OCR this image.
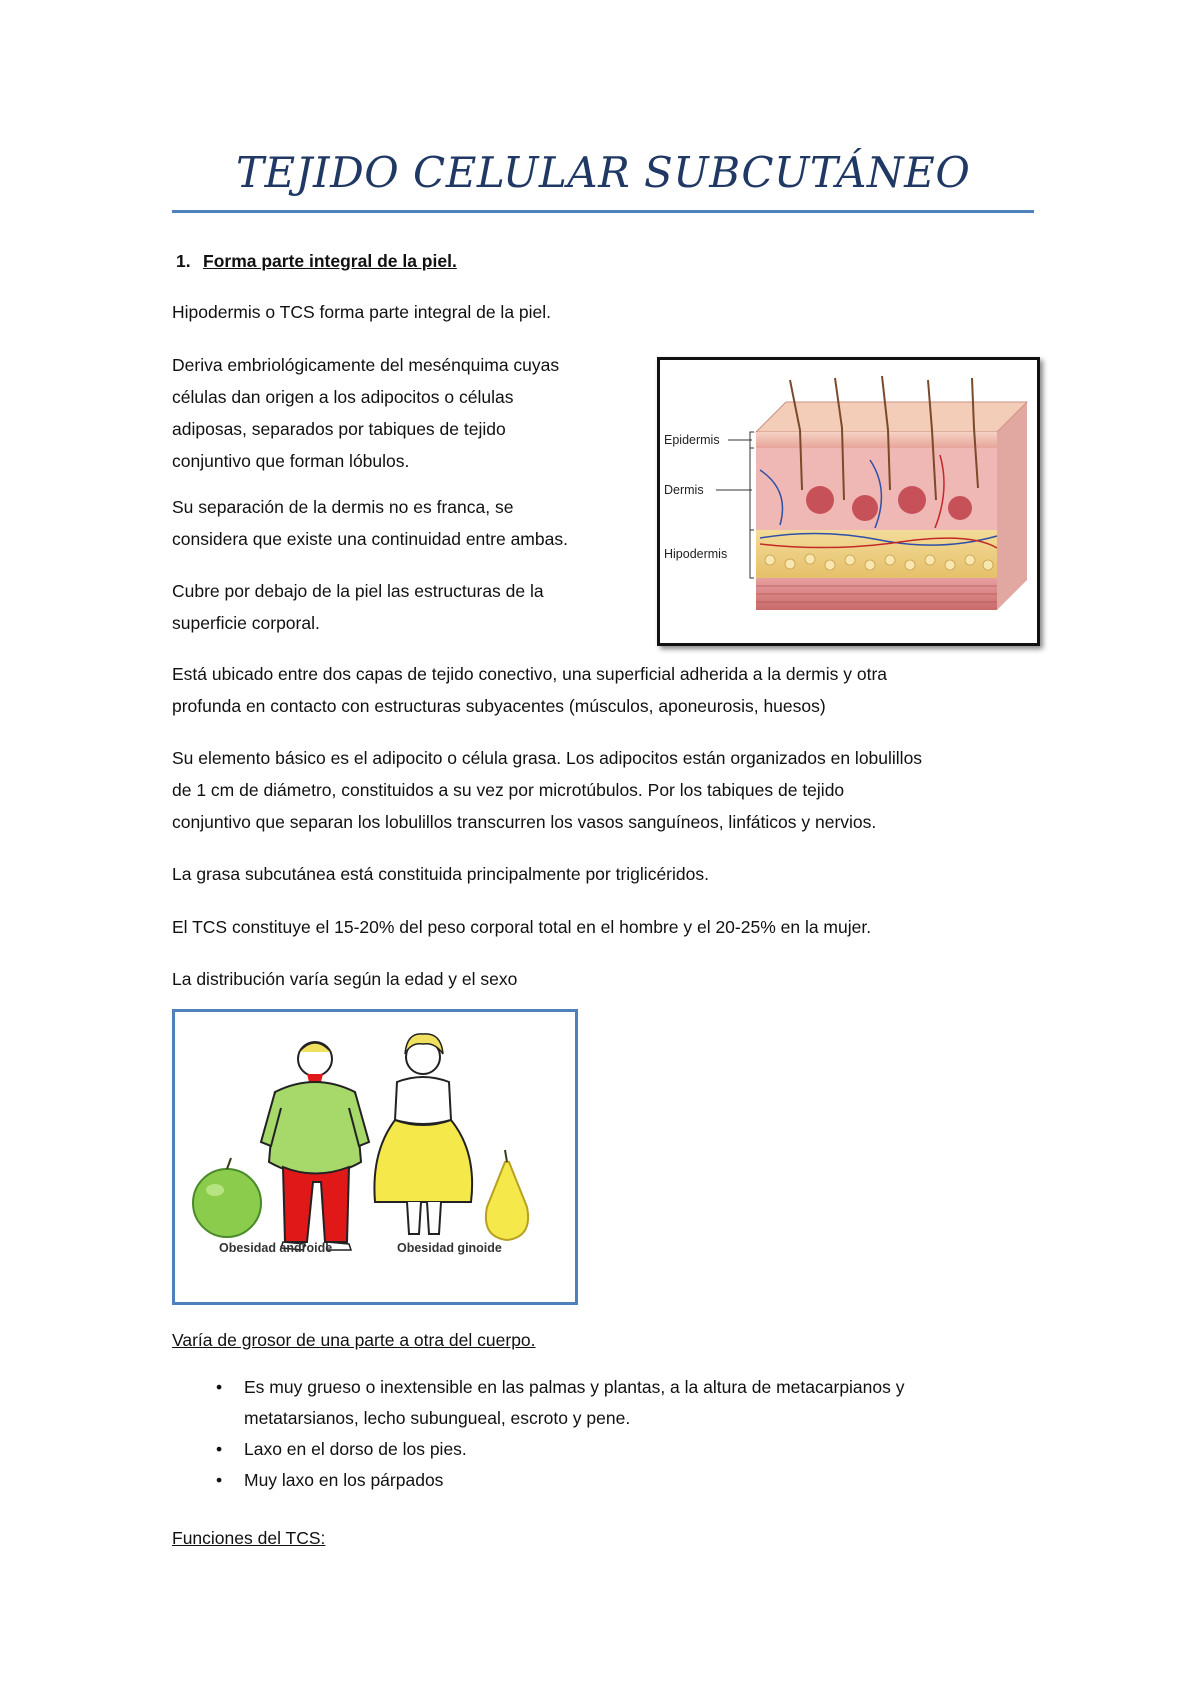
TEJIDO CELULAR SUBCUTÁNEO
1. Forma parte integral de la piel.

Hipodermis o TCS forma parte integral de la piel.

Deriva embriológicamente del mesénquima cuyas
células dan origen a los adipocitos o células
adiposas, separados por tabiques de tejido
conjuntivo que forman lóbulos.
Su separación de la dermis no es franca, se
considera que existe una continuidad entre ambas.
Cubre por debajo de la piel las estructuras de la
superficie corporal.
Epidermis
Dermis
Hipodermis
Está ubicado entre dos capas de tejido conectivo, una superficial adherida a la dermis y otra
profunda en contacto con estructuras subyacentes (músculos, aponeurosis, huesos)
Su elemento básico es el adipocito o célula grasa. Los adipocitos están organizados en lobulillos
de 1 cm de diámetro, constituidos a su vez por microtúbulos. Por los tabiques de tejido
conjuntivo que separan los lobulillos transcurren los vasos sanguíneos, linfáticos y nervios.

La grasa subcutánea está constituida principalmente por triglicéridos.

El TCS constituye el 15-20% del peso corporal total en el hombre y el 20-25% en la mujer.

La distribución varía según la edad y el sexo

Obesidad androide	Obesidad ginoide

Varía de grosor de una parte a otra del cuerpo.

• Es muy grueso o inextensible en las palmas y plantas, a la altura de metacarpianos y
metatarsianos, lecho subungueal, escroto y pene.
• Laxo en el dorso de los pies.
• Muy laxo en los párpados

Funciones del TCS:
